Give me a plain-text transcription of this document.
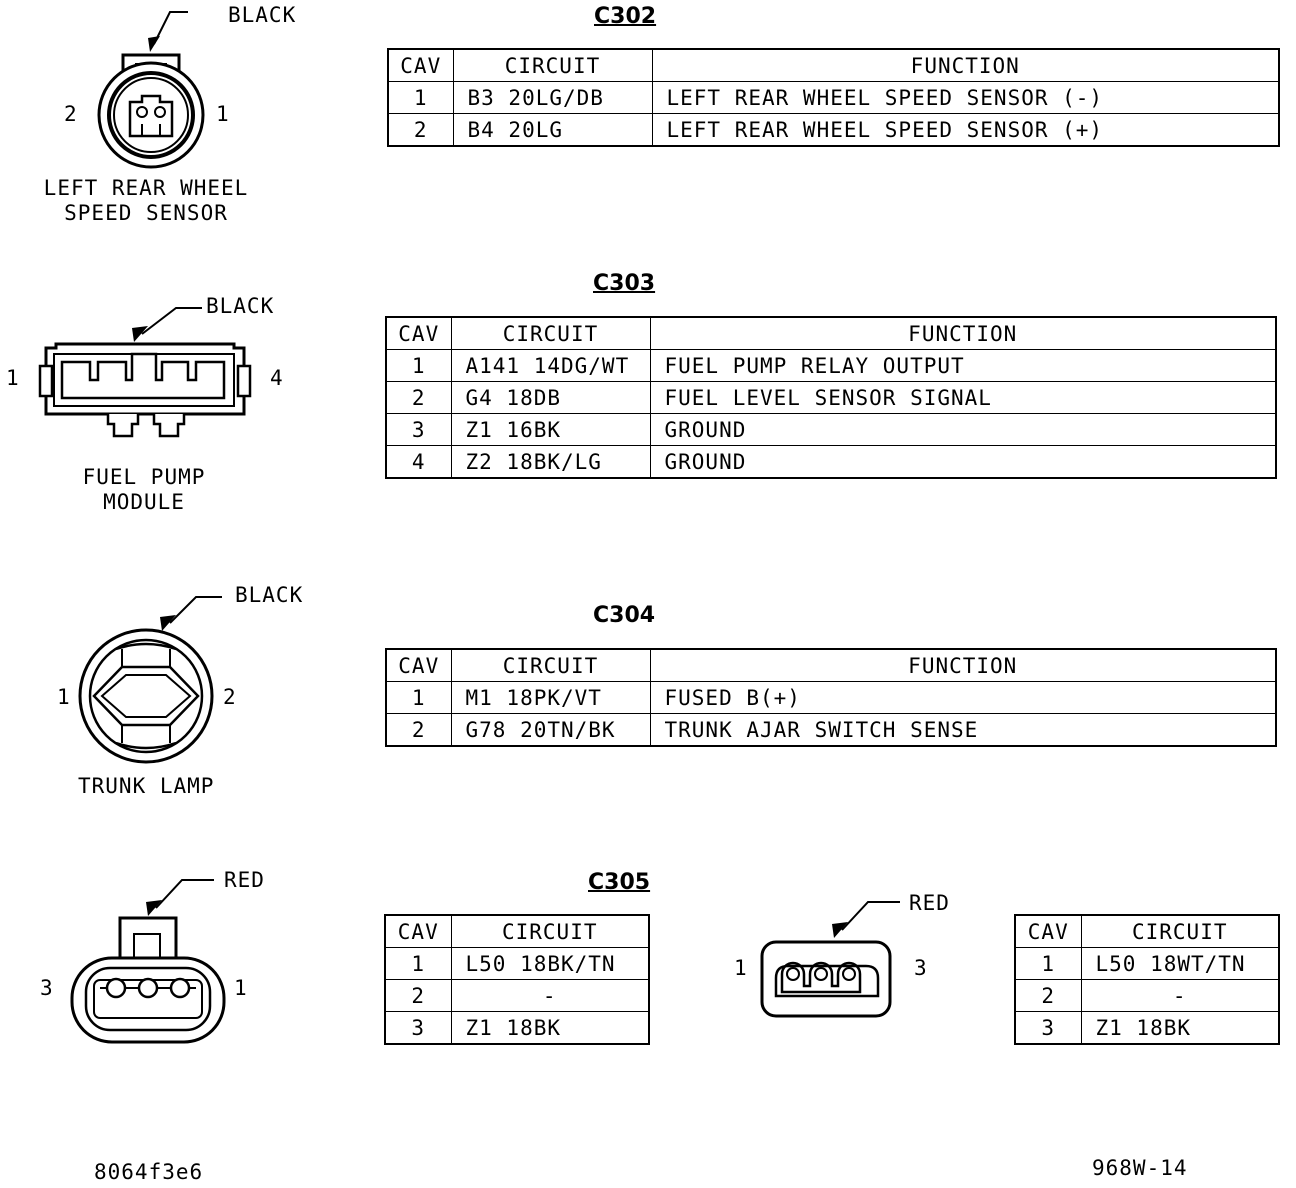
BLACK
2	1
LEFT REAR WHEEL
SPEED SENSOR
C302
CAV	CIRCUIT	FUNCTION
1	B3 20LG/DB	LEFT REAR WHEEL SPEED SENSOR (-)
2	B4 20LG	LEFT REAR WHEEL SPEED SENSOR (+)
BLACK
1	4
FUEL PUMP
MODULE
C303
CAV	CIRCUIT	FUNCTION
1	A141 14DG/WT	FUEL PUMP RELAY OUTPUT
2	G4 18DB	FUEL LEVEL SENSOR SIGNAL
3	Z1 16BK	GROUND
4	Z2 18BK/LG	GROUND
BLACK
1	2
TRUNK LAMP
C304
CAV	CIRCUIT	FUNCTION
1	M1 18PK/VT	FUSED B(+)
2	G78 20TN/BK	TRUNK AJAR SWITCH SENSE
RED
3	1
C305
CAV	CIRCUIT
1	L50 18BK/TN
2	-
3	Z1 18BK
RED
1	3
CAV	CIRCUIT
1	L50 18WT/TN
2	-
3	Z1 18BK
8064f3e6	968W-14
